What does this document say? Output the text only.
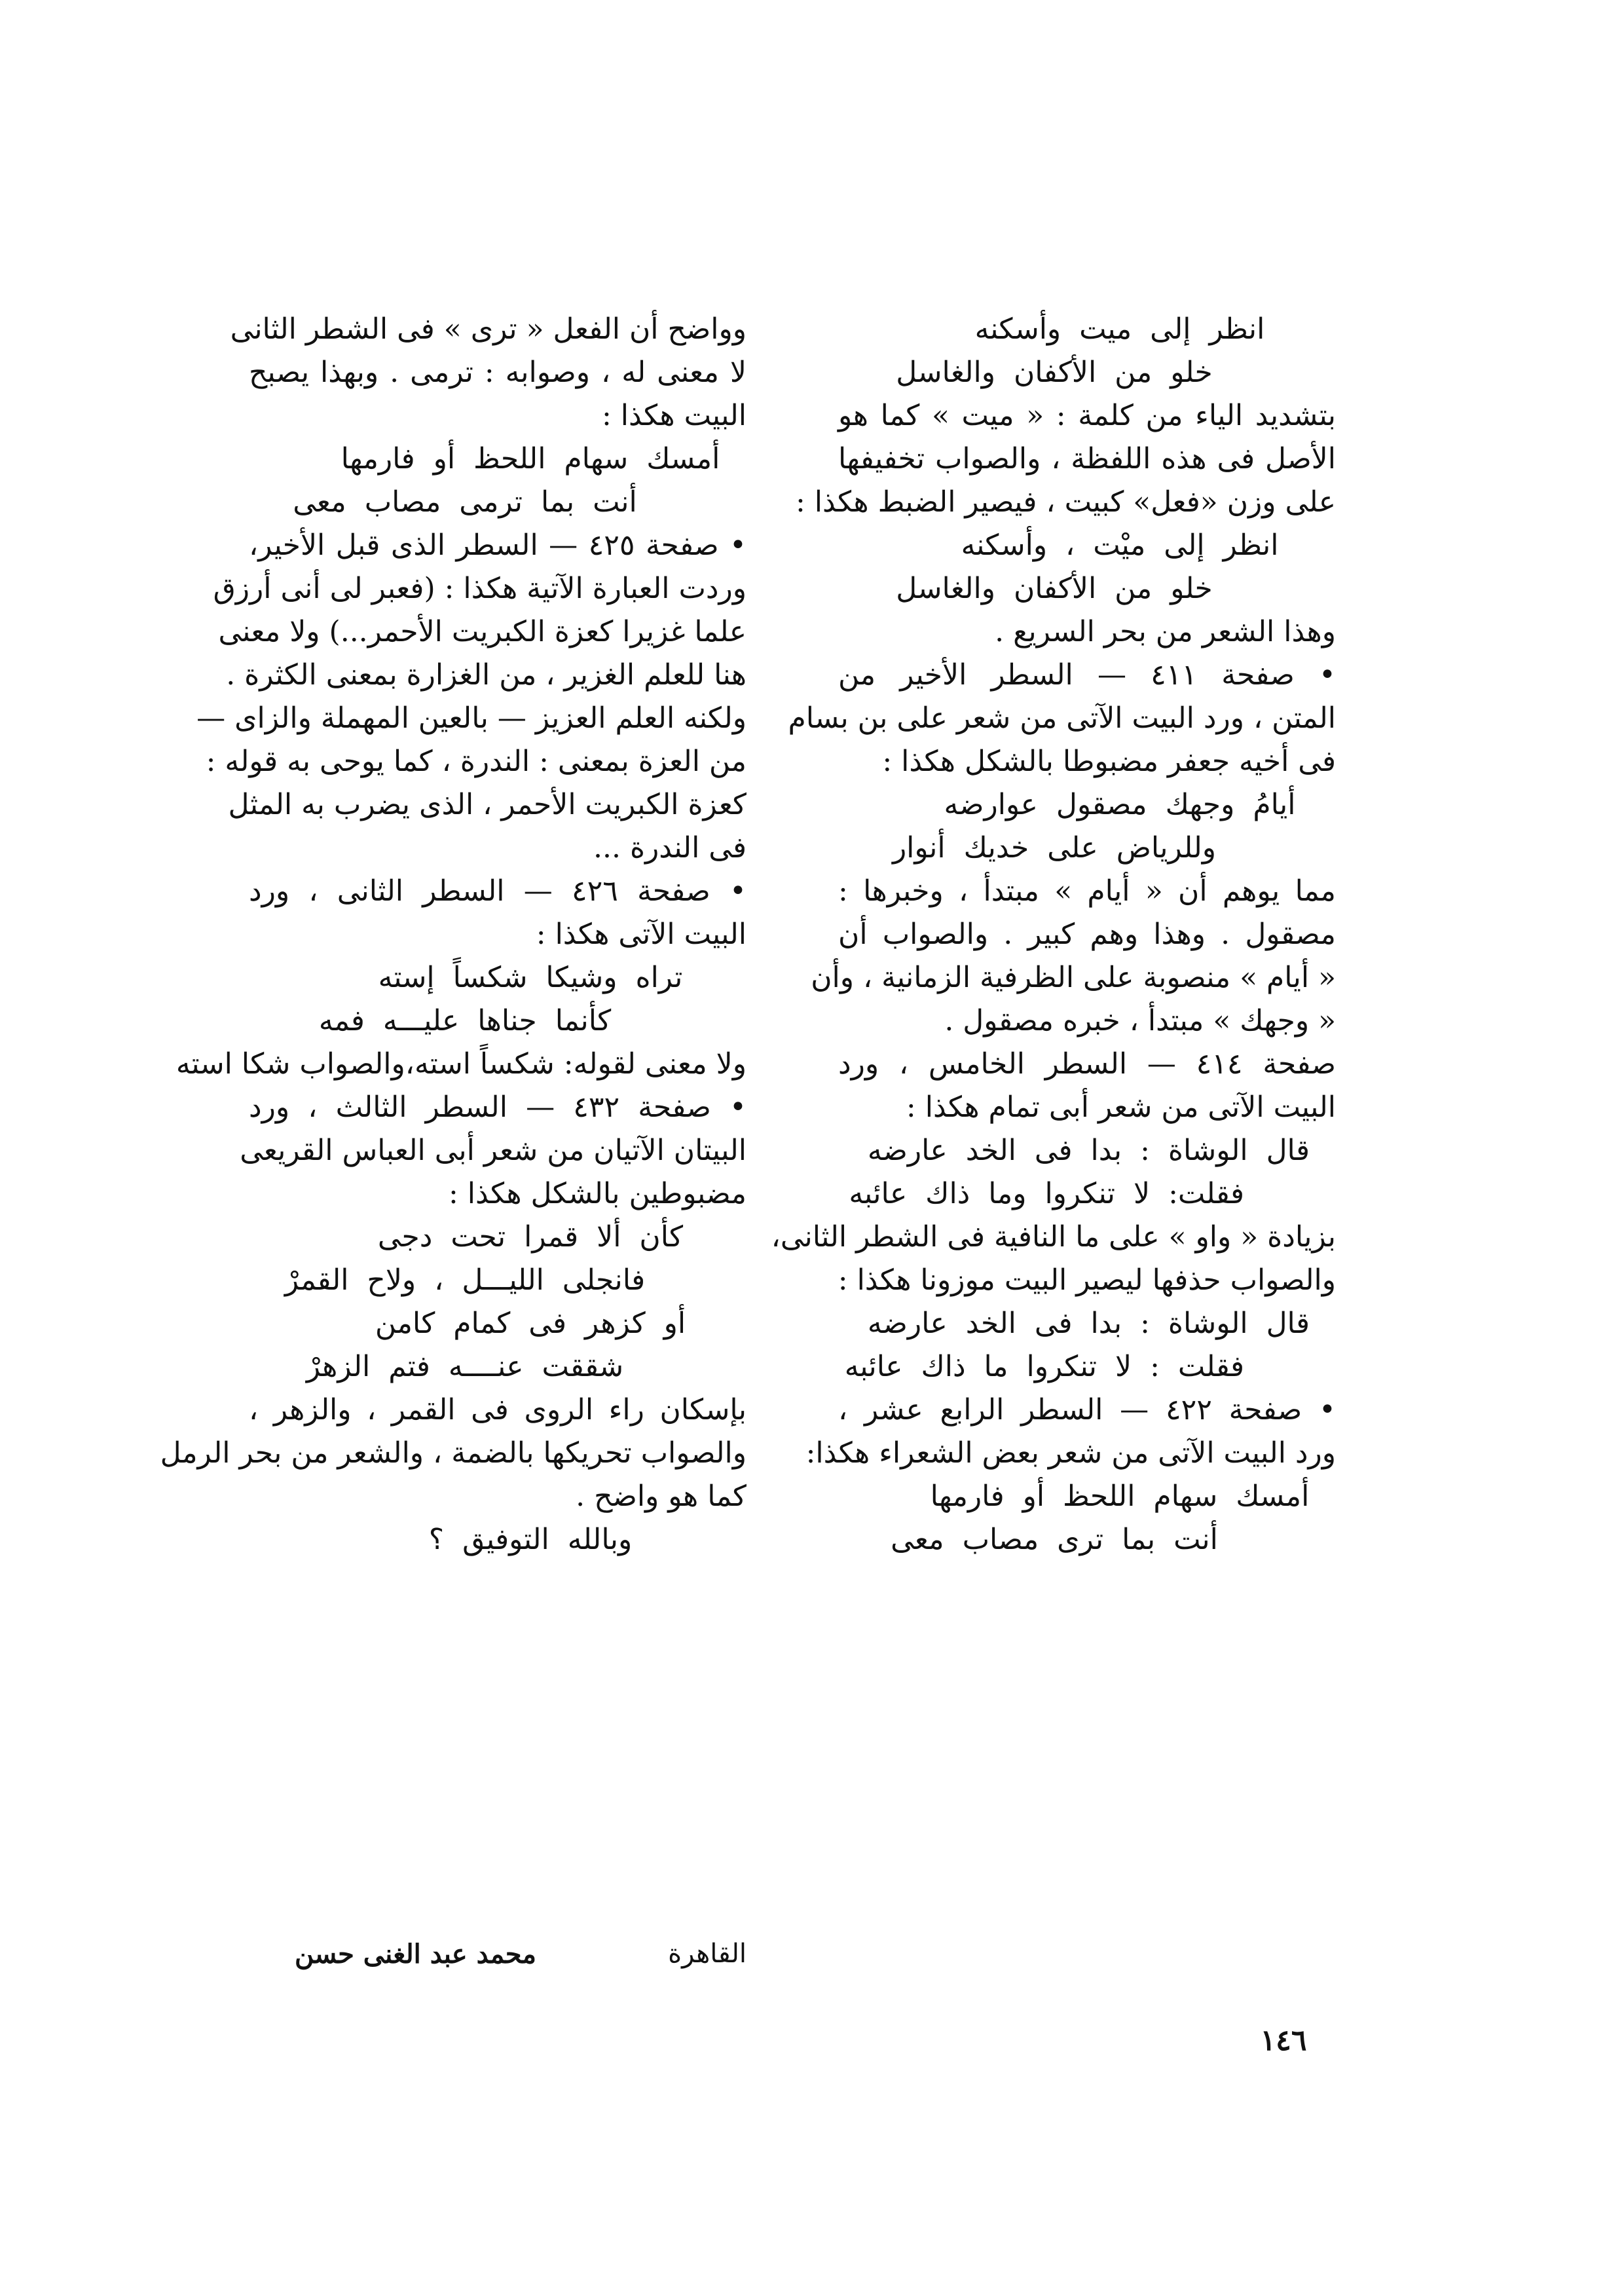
انظر إلى ميت وأسكنه
خلو من الأكفان والغاسل
بتشديد الياء من كلمة : « ميت » كما هو
الأصل فى هذه اللفظة ، والصواب تخفيفها
على وزن «فعل» كبيت ، فيصير الضبط هكذا :
انظر إلى ميْت ، وأسكنه
خلو من الأكفان والغاسل
وهذا الشعر من بحر السريع .
• صفحة ٤١١ — السطر الأخير من
المتن ، ورد البيت الآتى من شعر على بن بسام
فى أخيه جعفر مضبوطا بالشكل هكذا :
أيامُ وجهك مصقول عوارضه
وللرياض على خديك أنوار
مما يوهم أن « أيام » مبتدأ ، وخبرها :
مصقول . وهذا وهم كبير . والصواب أن
« أيام » منصوبة على الظرفية الزمانية ، وأن
« وجهك » مبتدأ ، خبره مصقول .
صفحة ٤١٤ — السطر الخامس ، ورد
البيت الآتى من شعر أبى تمام هكذا :
قال الوشاة : بدا فى الخد عارضه
فقلت: لا تنكروا وما ذاك عائبه
بزيادة « واو » على ما النافية فى الشطر الثانى،
والصواب حذفها ليصير البيت موزونا هكذا :
قال الوشاة : بدا فى الخد عارضه
فقلت : لا تنكروا ما ذاك عائبه
• صفحة ٤٢٢ — السطر الرابع عشر ،
ورد البيت الآتى من شعر بعض الشعراء هكذا:
أمسك سهام اللحظ أو فارمها
أنت بما ترى مصاب معى
وواضح أن الفعل « ترى » فى الشطر الثانى
لا معنى له ، وصوابه : ترمى . وبهذا يصبح
البيت هكذا :
أمسك سهام اللحظ أو فارمها
أنت بما ترمى مصاب معى
• صفحة ٤٢٥ — السطر الذى قبل الأخير،
وردت العبارة الآتية هكذا : (فعبر لى أنى أرزق
علما غزيرا كعزة الكبريت الأحمر...) ولا معنى
هنا للعلم الغزير ، من الغزارة بمعنى الكثرة .
ولكنه العلم العزيز — بالعين المهملة والزاى —
من العزة بمعنى : الندرة ، كما يوحى به قوله :
كعزة الكبريت الأحمر ، الذى يضرب به المثل
فى الندرة ...
• صفحة ٤٢٦ — السطر الثانى ، ورد
البيت الآتى هكذا :
تراه وشيكا شكساً إسته
كأنما جناها عليـــه فمه
ولا معنى لقوله: شكساً استه،والصواب شكا استه
• صفحة ٤٣٢ — السطر الثالث ، ورد
البيتان الآتيان من شعر أبى العباس القريعى
مضبوطين بالشكل هكذا :
كأن ألا قمرا تحت دجى
فانجلى الليـــل ، ولاح القمرْ
أو كزهر فى كمام كامن
شققت عنــــه فتم الزهرْ
بإسكان راء الروى فى القمر ، والزهر ،
والصواب تحريكها بالضمة ، والشعر من بحر الرمل
كما هو واضح .
وبالله التوفيق ؟
القاهرة
محمد عبد الغنى حسن
١٤٦
